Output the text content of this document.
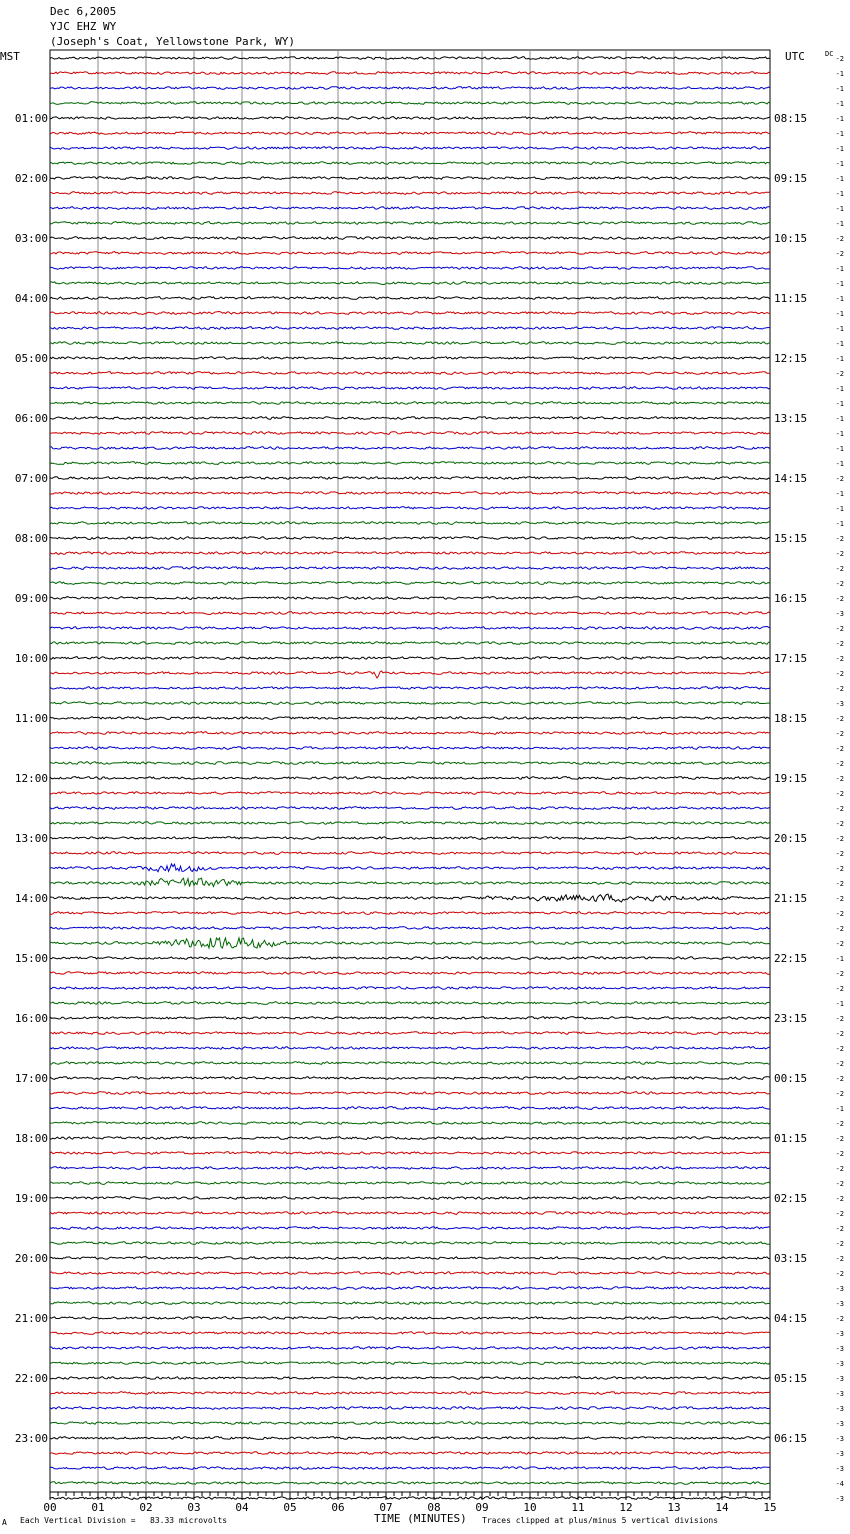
Dec 6,2005
YJC EHZ WY
(Joseph's Coat, Yellowstone Park, WY)
MST	UTC
00	01	02	03	04	05	06	07	08	09	10	11	12	13	14	15
-2
-1
-1
-1
-1
-1
-1
-1
-1
-1
-1
-1
-2
-2
-1
-1
-1
-1
-1
-1
-1
-2
-1
-1
-1
-1
-1
-1
-2
-1
-1
-1
-2
-2
-2
-2
-2
-3
-2
-2
-2
-2
-2
-3
-2
-2
-2
-2
-2
-2
-2
-2
-2
-2
-2
-2
-2
-2
-2
-2
-1
-2
-2
-1
-2
-2
-2
-2
-2
-2
-1
-2
-2
-2
-2
-2
-2
-2
-2
-2
-2
-2
-3
-3
-2
-3
-3
-3
-3
-3
-3
-3
-3
-3
-3
-4
-3
DC
01:00	08:15
02:00	09:15
03:00	10:15
04:00	11:15
05:00	12:15
06:00	13:15
07:00	14:15
08:00	15:15
09:00	16:15
10:00	17:15
11:00	18:15
12:00	19:15
13:00	20:15
14:00	21:15
15:00	22:15
16:00	23:15
17:00	00:15
18:00	01:15
19:00	02:15
20:00	03:15
21:00	04:15
22:00	05:15
23:00	06:15
A Each Vertical Division =   83.33 microvolts	TIME (MINUTES) Traces clipped at plus/minus 5 vertical divisions
